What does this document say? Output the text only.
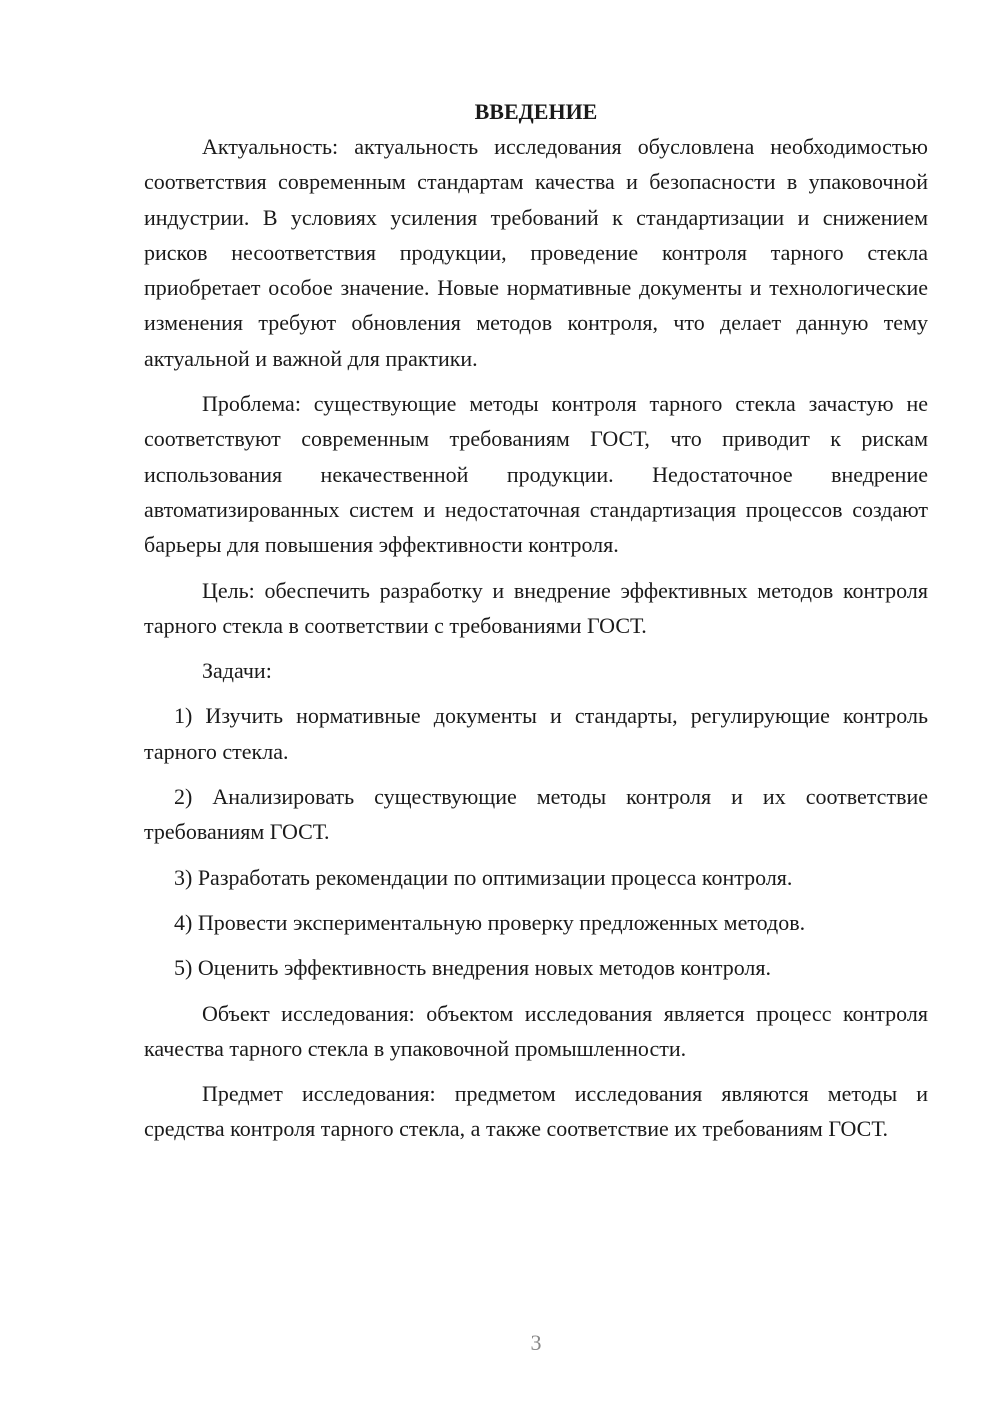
ВВЕДЕНИЕ

Актуальность: актуальность исследования обусловлена необходимостью соответствия современным стандартам качества и безопасности в упаковочной индустрии. В условиях усиления требований к стандартизации и снижением рисков несоответствия продукции, проведение контроля тарного стекла приобретает особое значение. Новые нормативные документы и технологические изменения требуют обновления методов контроля, что делает данную тему актуальной и важной для практики.

Проблема: существующие методы контроля тарного стекла зачастую не соответствуют современным требованиям ГОСТ, что приводит к рискам использования некачественной продукции. Недостаточное внедрение автоматизированных систем и недостаточная стандартизация процессов создают барьеры для повышения эффективности контроля.

Цель: обеспечить разработку и внедрение эффективных методов контроля тарного стекла в соответствии с требованиями ГОСТ.

Задачи:

1) Изучить нормативные документы и стандарты, регулирующие контроль тарного стекла.

2) Анализировать существующие методы контроля и их соответствие требованиям ГОСТ.

3) Разработать рекомендации по оптимизации процесса контроля.

4) Провести экспериментальную проверку предложенных методов.

5) Оценить эффективность внедрения новых методов контроля.

Объект исследования: объектом исследования является процесс контроля качества тарного стекла в упаковочной промышленности.

Предмет исследования: предметом исследования являются методы и средства контроля тарного стекла, а также соответствие их требованиям ГОСТ.

3
